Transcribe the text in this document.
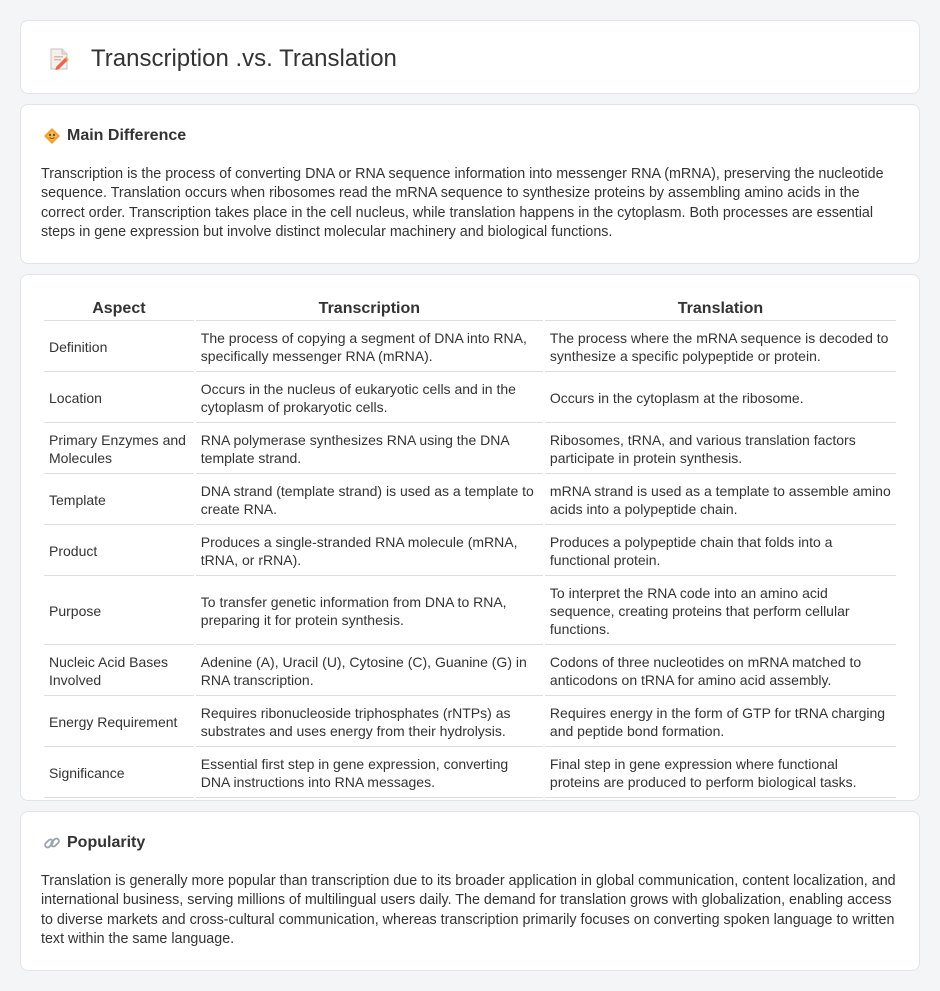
Transcription .vs. Translation
Main Difference

Transcription is the process of converting DNA or RNA sequence information into messenger RNA (mRNA), preserving the nucleotide sequence. Translation occurs when ribosomes read the mRNA sequence to synthesize proteins by assembling amino acids in the correct order. Transcription takes place in the cell nucleus, while translation happens in the cytoplasm. Both processes are essential steps in gene expression but involve distinct molecular machinery and biological functions.

Aspect	Transcription	Translation
Definition	The process of copying a segment of DNA into RNA, specifically messenger RNA (mRNA).	The process where the mRNA sequence is decoded to synthesize a specific polypeptide or protein.
Location	Occurs in the nucleus of eukaryotic cells and in the cytoplasm of prokaryotic cells.	Occurs in the cytoplasm at the ribosome.
Primary Enzymes and Molecules	RNA polymerase synthesizes RNA using the DNA template strand.	Ribosomes, tRNA, and various translation factors participate in protein synthesis.
Template	DNA strand (template strand) is used as a template to create RNA.	mRNA strand is used as a template to assemble amino acids into a polypeptide chain.
Product	Produces a single-stranded RNA molecule (mRNA, tRNA, or rRNA).	Produces a polypeptide chain that folds into a functional protein.
Purpose	To transfer genetic information from DNA to RNA, preparing it for protein synthesis.	To interpret the RNA code into an amino acid sequence, creating proteins that perform cellular functions.
Nucleic Acid Bases Involved	Adenine (A), Uracil (U), Cytosine (C), Guanine (G) in RNA transcription.	Codons of three nucleotides on mRNA matched to anticodons on tRNA for amino acid assembly.
Energy Requirement	Requires ribonucleoside triphosphates (rNTPs) as substrates and uses energy from their hydrolysis.	Requires energy in the form of GTP for tRNA charging and peptide bond formation.
Significance	Essential first step in gene expression, converting DNA instructions into RNA messages.	Final step in gene expression where functional proteins are produced to perform biological tasks.
Popularity

Translation is generally more popular than transcription due to its broader application in global communication, content localization, and international business, serving millions of multilingual users daily. The demand for translation grows with globalization, enabling access to diverse markets and cross-cultural communication, whereas transcription primarily focuses on converting spoken language to written text within the same language.
